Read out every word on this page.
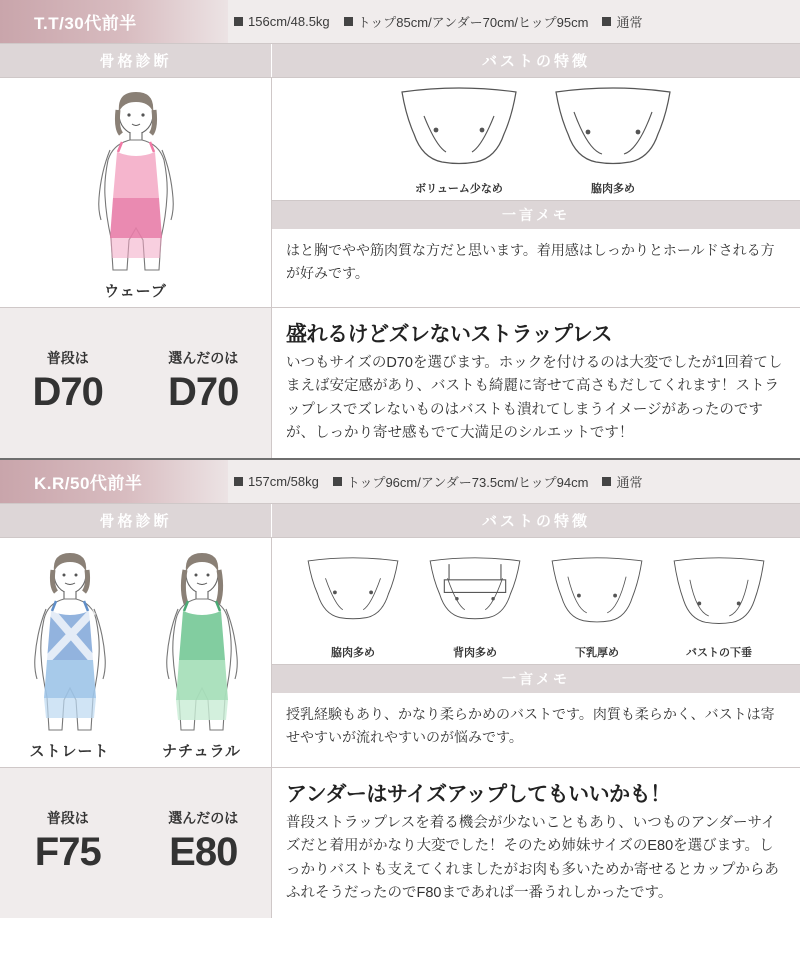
T.T/30代前半	156cm/48.5kg トップ85cm/アンダー70cm/ヒップ95cm 通常
骨格診断	バストの特徴
ウェーブ
ボリューム少なめ	脇肉多め
一言メモ
はと胸でやや筋肉質な方だと思います。着用感はしっかりとホールドされる方が好みです。
普段は
D70
選んだのは
D70
盛れるけどズレないストラップレス
いつもサイズのD70を選びます。ホックを付けるのは大変でしたが1回着てしまえば安定感があり、バストも綺麗に寄せて高さもだしてくれます！ストラップレスでズレないものはバストも潰れてしまうイメージがあったのですが、しっかり寄せ感もでて大満足のシルエットです！
K.R/50代前半	157cm/58kg トップ96cm/アンダー73.5cm/ヒップ94cm 通常
骨格診断	バストの特徴
ストレート	ナチュラル
脇肉多め	背肉多め	下乳厚め	バストの下垂
一言メモ
授乳経験もあり、かなり柔らかめのバストです。肉質も柔らかく、バストは寄せやすいが流れやすいのが悩みです。
普段は
F75
選んだのは
E80
アンダーはサイズアップしてもいいかも！
普段ストラップレスを着る機会が少ないこともあり、いつものアンダーサイズだと着用がかなり大変でした！そのため姉妹サイズのE80を選びます。しっかりバストも支えてくれましたがお肉も多いためか寄せるとカップからあふれそうだったのでF80まであれば一番うれしかったです。
